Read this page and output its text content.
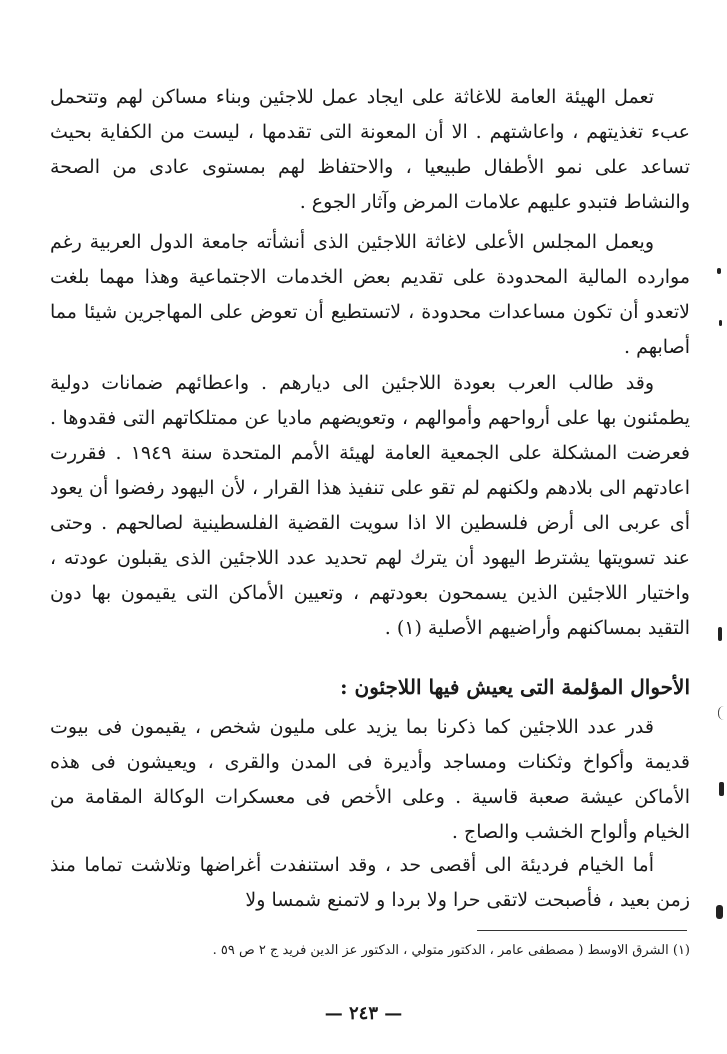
تعمل الهيئة العامة للاغاثة على ايجاد عمل للاجئين وبناء مساكن لهم وتتحمل عبء تغذيتهم ، واعاشتهم . الا أن المعونة التى تقدمها ، ليست من الكفاية بحيث تساعد على نمو الأطفال طبيعيا ، والاحتفاظ لهم بمستوى عادى من الصحة والنشاط فتبدو عليهم علامات المرض وآثار الجوع .

ويعمل المجلس الأعلى لاغاثة اللاجئين الذى أنشأته جامعة الدول العربية رغم موارده المالية المحدودة على تقديم بعض الخدمات الاجتماعية وهذا مهما بلغت لاتعدو أن تكون مساعدات محدودة ، لاتستطيع أن تعوض على المهاجرين شيئا مما أصابهم .

وقد طالب العرب بعودة اللاجئين الى ديارهم . واعطائهم ضمانات دولية يطمئنون بها على أرواحهم وأموالهم ، وتعويضهم ماديا عن ممتلكاتهم التى فقدوها . فعرضت المشكلة على الجمعية العامة لهيئة الأمم المتحدة سنة ١٩٤٩ . فقررت اعادتهم الى بلادهم ولكنهم لم تقو على تنفيذ هذا القرار ، لأن اليهود رفضوا أن يعود أى عربى الى أرض فلسطين الا اذا سويت القضية الفلسطينية لصالحهم . وحتى عند تسويتها يشترط اليهود أن يترك لهم تحديد عدد اللاجئين الذى يقبلون عودته ، واختيار اللاجئين الذين يسمحون بعودتهم ، وتعيين الأماكن التى يقيمون بها دون التقيد بمساكنهم وأراضيهم الأصلية (١) .

الأحوال المؤلمة التى يعيش فيها اللاجئون :

قدر عدد اللاجئين كما ذكرنا بما يزيد على مليون شخص ، يقيمون فى بيوت قديمة وأكواخ وثكنات ومساجد وأديرة فى المدن والقرى ، ويعيشون فى هذه الأماكن عيشة صعبة قاسية . وعلى الأخص فى معسكرات الوكالة المقامة من الخيام وألواح الخشب والصاج .

أما الخيام فرديئة الى أقصى حد ، وقد استنفدت أغراضها وتلاشت تماما منذ زمن بعيد ، فأصبحت لاتقى حرا ولا بردا و لاتمنع شمسا ولا

(١) الشرق الاوسط ( مصطفى عامر ، الدكتور متولي ، الدكتور عز الدين فريد ج ٢ ص ٥٩ .
— ٢٤٣ —
